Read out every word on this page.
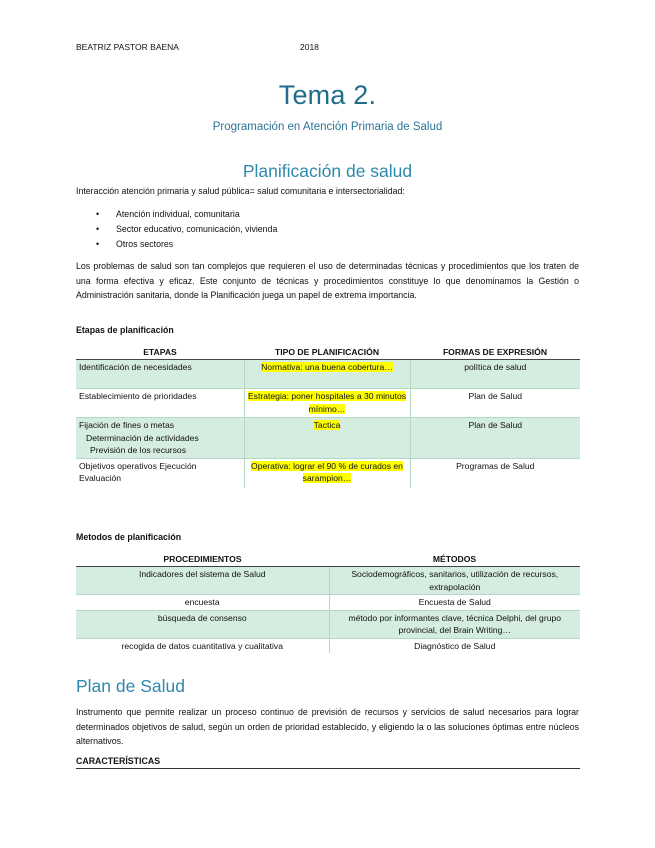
BEATRIZ PASTOR BAENA	2018
Tema 2.
Programación en Atención Primaria de Salud
Planificación de salud
Interacción atención primaria y salud pública= salud comunitaria e intersectorialidad:
• Atención individual, comunitaria
• Sector educativo, comunicación, vivienda
• Otros sectores
Los problemas de salud son tan complejos que requieren el uso de determinadas técnicas y procedimientos que los traten de una forma efectiva y eficaz. Este conjunto de técnicas y procedimientos constituye lo que denominamos la Gestión o Administración sanitaria, donde la Planificación juega un papel de extrema importancia.
Etapas de planificación
ETAPAS	TIPO DE PLANIFICACIÓN	FORMAS DE EXPRESIÓN
Identificación de necesidades	Normativa: una buena cobertura…	política de salud
Establecimiento de prioridades	Estrategia: poner hospitales a 30 minutos mínimo…	Plan de Salud
Fijación de fines o metas
Determinación de actividades
Previsión de los recursos	Tactica	Plan de Salud
Objetivos operativos Ejecución Evaluación	Operativa: lograr el 90 % de curados en sarampion…	Programas de Salud
Metodos de planificación
PROCEDIMIENTOS	MÉTODOS
Indicadores del sistema de Salud	Sociodemográficos, sanitarios, utilización de recursos, extrapolación
encuesta	Encuesta de Salud
búsqueda de consenso	método por informantes clave, técnica Delphi, del grupo provincial, del Brain Writing…
recogida de datos cuantitativa y cualitativa	Diagnóstico de Salud
Plan de Salud
Instrumento que permite realizar un proceso continuo de previsión de recursos y servicios de salud necesarios para lograr determinados objetivos de salud, según un orden de prioridad establecido, y eligiendo la o las soluciones óptimas entre núcleos alternativos.
CARACTERÍSTICAS
